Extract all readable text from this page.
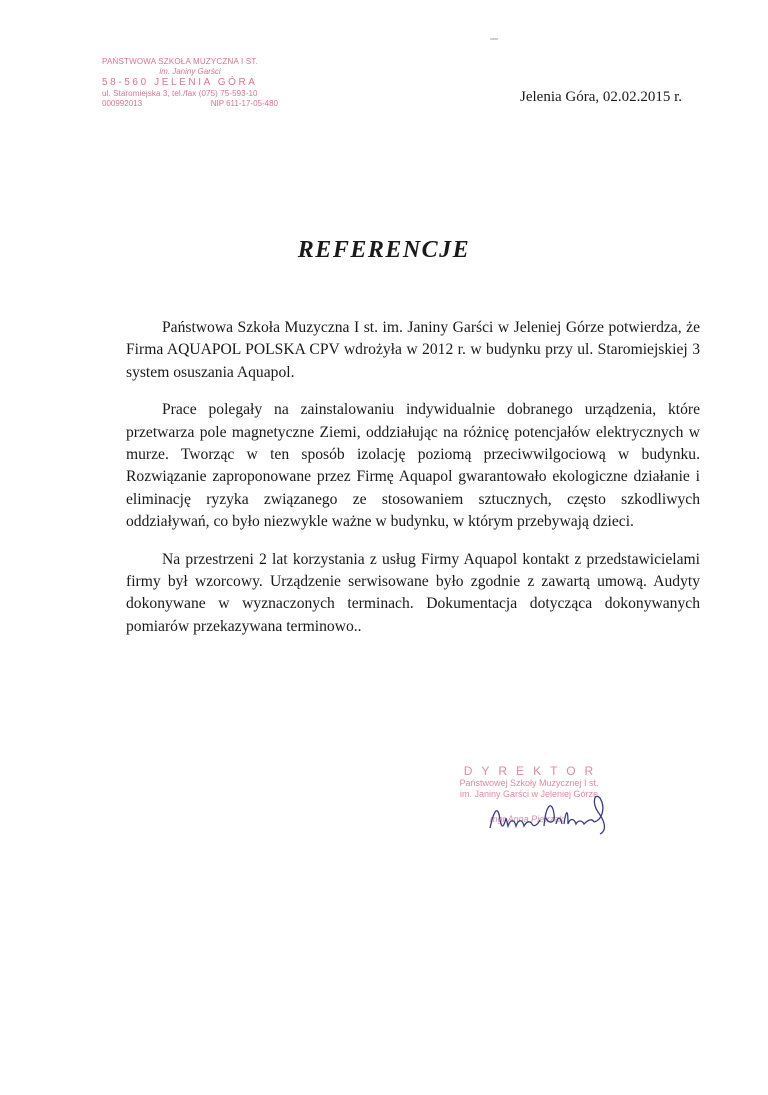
PAŃSTWOWA SZKOŁA MUZYCZNA I ST.
im. Janiny Garści
58-560 JELENIA GÓRA
ul. Staromiejska 3, tel./fax (075) 75-593-10
000992013	NIP 611-17-05-480	Jelenia Góra, 02.02.2015 r.
REFERENCJE

Państwowa Szkoła Muzyczna I st. im. Janiny Garści w Jeleniej Górze potwierdza, że Firma AQUAPOL POLSKA CPV wdrożyła w 2012 r. w budynku przy ul. Staromiejskiej 3 system osuszania Aquapol.

Prace polegały na zainstalowaniu indywidualnie dobranego urządzenia, które przetwarza pole magnetyczne Ziemi, oddziałując na różnicę potencjałów elektrycznych w murze. Tworząc w ten sposób izolację poziomą przeciwwilgociową w budynku. Rozwiązanie zaproponowane przez Firmę Aquapol gwarantowało ekologiczne działanie i eliminację ryzyka związanego ze stosowaniem sztucznych, często szkodliwych oddziaływań, co było niezwykle ważne w budynku, w którym przebywają dzieci.

Na przestrzeni 2 lat korzystania z usług Firmy Aquapol kontakt z przedstawicielami firmy był wzorcowy. Urządzenie serwisowane było zgodnie z zawartą umową. Audyty dokonywane w wyznaczonych terminach. Dokumentacja dotycząca dokonywanych pomiarów przekazywana terminowo..

DYREKTOR
Państwowej Szkoły Muzycznej I st.
im. Janiny Garści w Jeleniej Górze
mgr Anna Pietrzak
